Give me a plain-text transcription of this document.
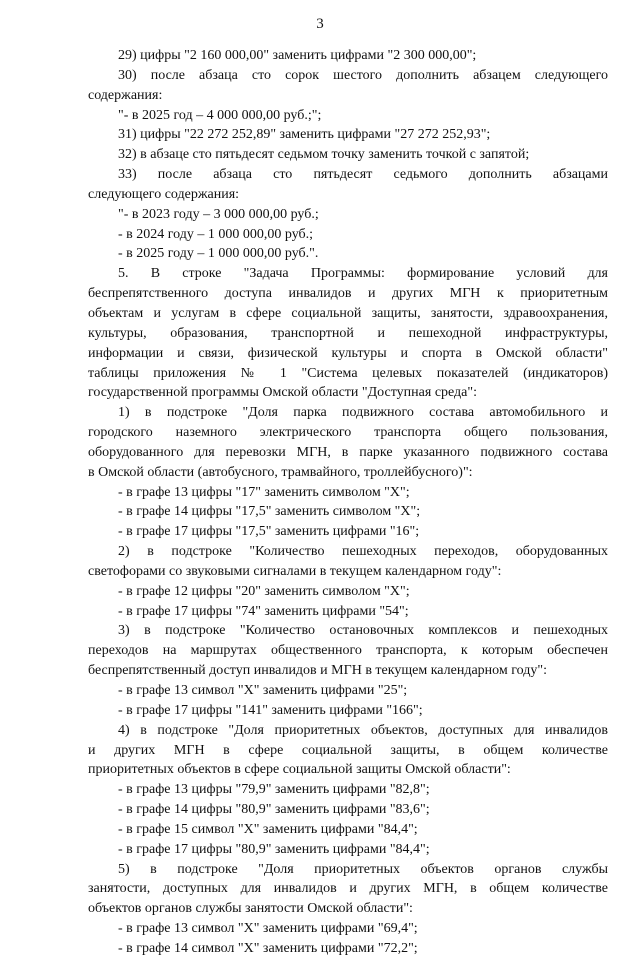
3

29) цифры "2 160 000,00" заменить цифрами "2 300 000,00";

30) после абзаца сто сорок шестого дополнить абзацем следующего

содержания:

"- в 2025 год – 4 000 000,00 руб.;";

31) цифры "22 272 252,89" заменить цифрами "27 272 252,93";

32) в абзаце сто пятьдесят седьмом точку заменить точкой с запятой;

33) после абзаца сто пятьдесят седьмого дополнить абзацами

следующего содержания:

"- в 2023 году – 3 000 000,00 руб.;

- в 2024 году – 1 000 000,00 руб.;

- в 2025 году – 1 000 000,00 руб.".

5. В строке "Задача Программы: формирование условий для

беспрепятственного доступа инвалидов и других МГН к приоритетным

объектам и услугам в сфере социальной защиты, занятости, здравоохранения,

культуры, образования, транспортной и пешеходной инфраструктуры,

информации и связи, физической культуры и спорта в Омской области"

таблицы приложения № 1 "Система целевых показателей (индикаторов)

государственной программы Омской области "Доступная среда":

1) в подстроке "Доля парка подвижного состава автомобильного и

городского наземного электрического транспорта общего пользования,

оборудованного для перевозки МГН, в парке указанного подвижного состава

в Омской области (автобусного, трамвайного, троллейбусного)":

- в графе 13 цифры "17" заменить символом "X";

- в графе 14 цифры "17,5" заменить символом "X";

- в графе 17 цифры "17,5" заменить цифрами "16";

2) в подстроке "Количество пешеходных переходов, оборудованных

светофорами со звуковыми сигналами в текущем календарном году":

- в графе 12 цифры "20" заменить символом "X";

- в графе 17 цифры "74" заменить цифрами "54";

3) в подстроке "Количество остановочных комплексов и пешеходных

переходов на маршрутах общественного транспорта, к которым обеспечен

беспрепятственный доступ инвалидов и МГН в текущем календарном году":

- в графе 13 символ "X" заменить цифрами "25";

- в графе 17 цифры "141" заменить цифрами "166";

4) в подстроке "Доля приоритетных объектов, доступных для инвалидов

и других МГН в сфере социальной защиты, в общем количестве

приоритетных объектов в сфере социальной защиты Омской области":

- в графе 13 цифры "79,9" заменить цифрами "82,8";

- в графе 14 цифры "80,9" заменить цифрами "83,6";

- в графе 15 символ "X" заменить цифрами "84,4";

- в графе 17 цифры "80,9" заменить цифрами "84,4";

5) в подстроке "Доля приоритетных объектов органов службы

занятости, доступных для инвалидов и других МГН, в общем количестве

объектов органов службы занятости Омской области":

- в графе 13 символ "X" заменить цифрами "69,4";

- в графе 14 символ "X" заменить цифрами "72,2";
